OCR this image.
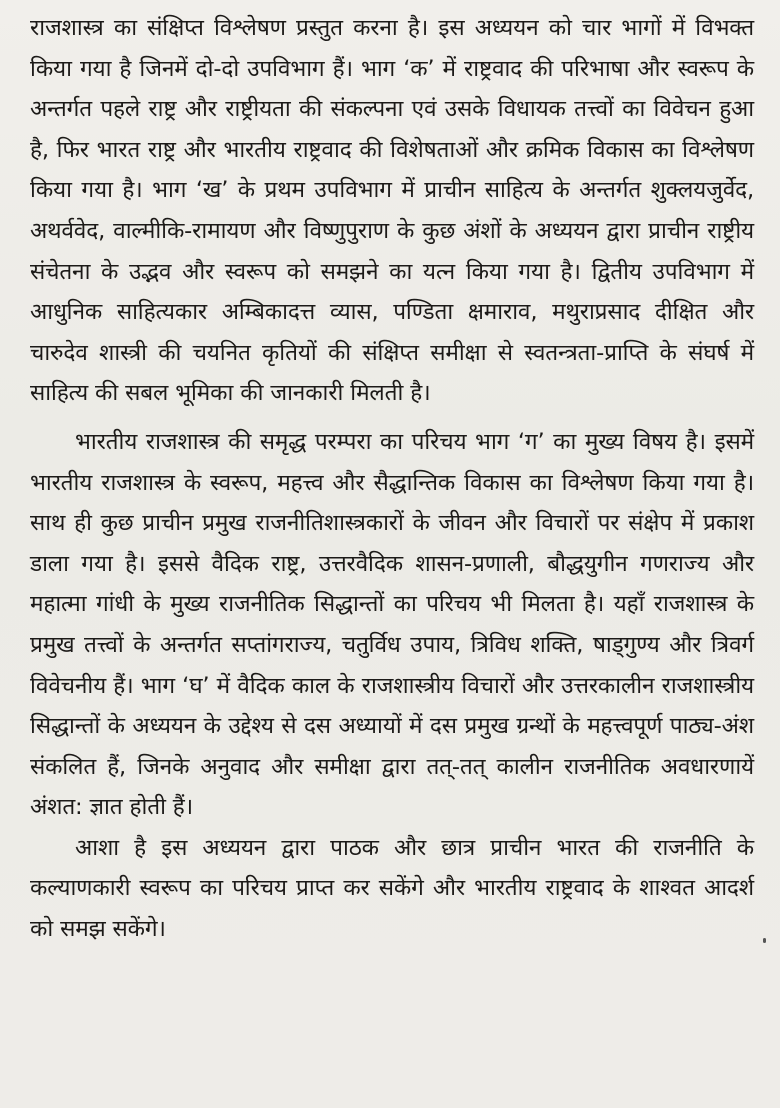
राजशास्त्र का संक्षिप्त विश्लेषण प्रस्तुत करना है। इस अध्ययन को चार भागों में विभक्त किया गया है जिनमें दो-दो उपविभाग हैं। भाग ‘क’ में राष्ट्रवाद की परिभाषा और स्वरूप के अन्तर्गत पहले राष्ट्र और राष्ट्रीयता की संकल्पना एवं उसके विधायक तत्त्वों का विवेचन हुआ है, फिर भारत राष्ट्र और भारतीय राष्ट्रवाद की विशेषताओं और क्रमिक विकास का विश्लेषण किया गया है। भाग ‘ख’ के प्रथम उपविभाग में प्राचीन साहित्य के अन्तर्गत शुक्लयजुर्वेद, अथर्ववेद, वाल्मीकि-रामायण और विष्णुपुराण के कुछ अंशों के अध्ययन द्वारा प्राचीन राष्ट्रीय संचेतना के उद्भव और स्वरूप को समझने का यत्न किया गया है। द्वितीय उपविभाग में आधुनिक साहित्यकार अम्बिकादत्त व्यास, पण्डिता क्षमाराव, मथुराप्रसाद दीक्षित और चारुदेव शास्त्री की चयनित कृतियों की संक्षिप्त समीक्षा से स्वतन्त्रता-प्राप्ति के संघर्ष में साहित्य की सबल भूमिका की जानकारी मिलती है।

भारतीय राजशास्त्र की समृद्ध परम्परा का परिचय भाग ‘ग’ का मुख्य विषय है। इसमें भारतीय राजशास्त्र के स्वरूप, महत्त्व और सैद्धान्तिक विकास का विश्लेषण किया गया है। साथ ही कुछ प्राचीन प्रमुख राजनीतिशास्त्रकारों के जीवन और विचारों पर संक्षेप में प्रकाश डाला गया है। इससे वैदिक राष्ट्र, उत्तरवैदिक शासन-प्रणाली, बौद्धयुगीन गणराज्य और महात्मा गांधी के मुख्य राजनीतिक सिद्धान्तों का परिचय भी मिलता है। यहाँ राजशास्त्र के प्रमुख तत्त्वों के अन्तर्गत सप्तांगराज्य, चतुर्विध उपाय, त्रिविध शक्ति, षाड्गुण्य और त्रिवर्ग विवेचनीय हैं। भाग ‘घ’ में वैदिक काल के राजशास्त्रीय विचारों और उत्तरकालीन राजशास्त्रीय सिद्धान्तों के अध्ययन के उद्देश्य से दस अध्यायों में दस प्रमुख ग्रन्थों के महत्त्वपूर्ण पाठ्य-अंश संकलित हैं, जिनके अनुवाद और समीक्षा द्वारा तत्-तत् कालीन राजनीतिक अवधारणायें अंशत: ज्ञात होती हैं।

आशा है इस अध्ययन द्वारा पाठक और छात्र प्राचीन भारत की राजनीति के कल्याणकारी स्वरूप का परिचय प्राप्त कर सकेंगे और भारतीय राष्ट्रवाद के शाश्वत आदर्श को समझ सकेंगे।
